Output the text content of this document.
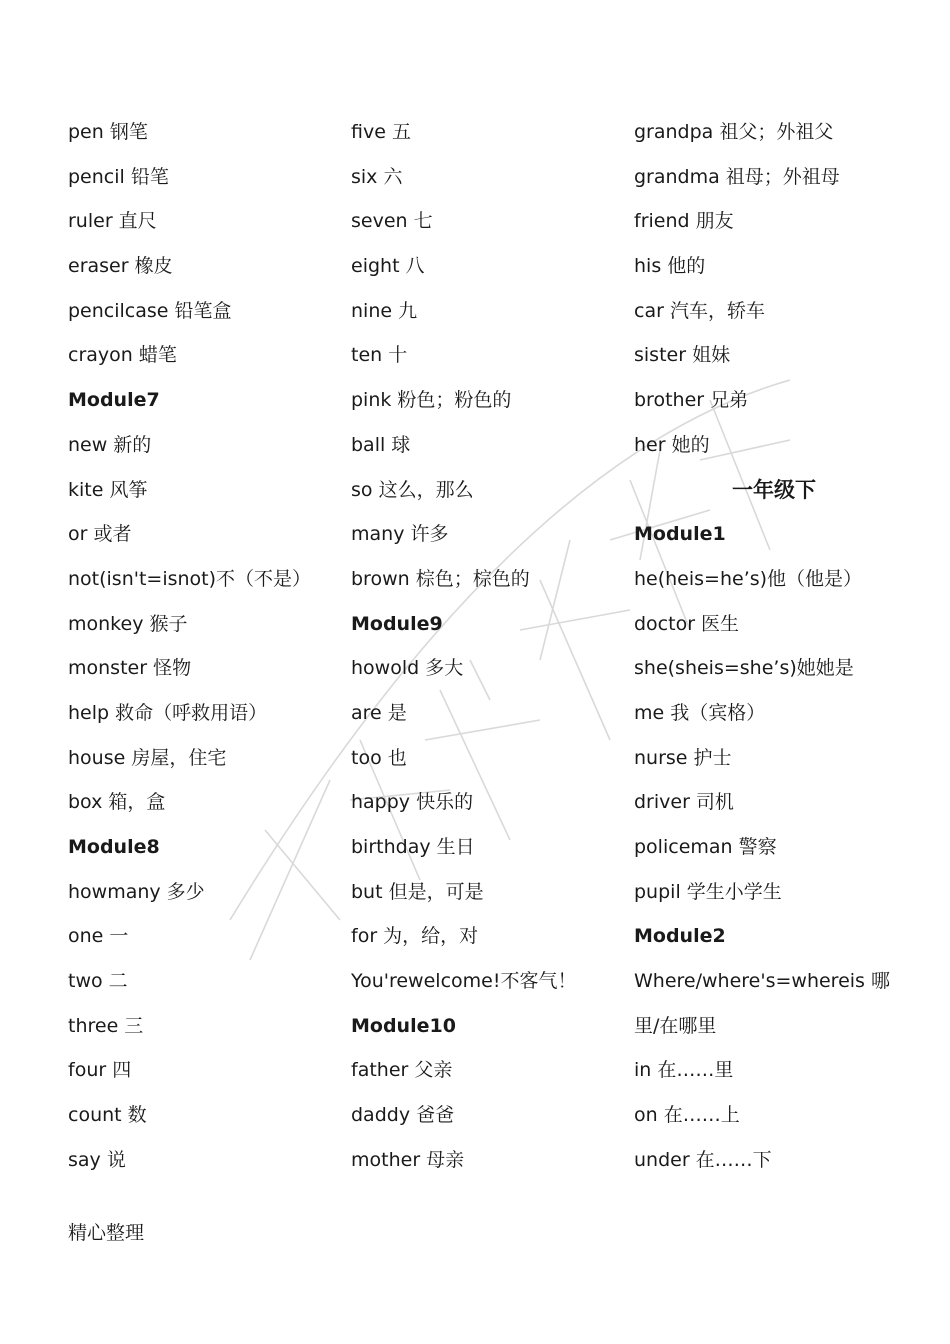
pen 钢笔
pencil 铅笔
ruler 直尺
eraser 橡皮
pencilcase 铅笔盒
crayon 蜡笔
Module7
new 新的
kite 风筝
or 或者
not(isn't=isnot)不（不是）
monkey 猴子
monster 怪物
help 救命（呼救用语）
house 房屋，住宅
box 箱，盒
Module8
howmany 多少
one 一
two 二
three 三
four 四
count 数
say 说
five 五
six 六
seven 七
eight 八
nine 九
ten 十
pink 粉色；粉色的
ball 球
so 这么，那么
many 许多
brown 棕色；棕色的
Module9
howold 多大
are 是
too 也
happy 快乐的
birthday 生日
but 但是，可是
for 为，给，对
You'rewelcome!不客气！
Module10
father 父亲
daddy 爸爸
mother 母亲
grandpa 祖父；外祖父
grandma 祖母；外祖母
friend 朋友
his 他的
car 汽车，轿车
sister 姐妹
brother 兄弟
her 她的
一年级下
Module1
he(heis=he’s)他（他是）
doctor 医生
she(sheis=she’s)她她是
me 我（宾格）
nurse 护士
driver 司机
policeman 警察
pupil 学生小学生
Module2
Where/where's=whereis 哪
里/在哪里
in 在……里
on 在……上
under 在……下
精心整理
